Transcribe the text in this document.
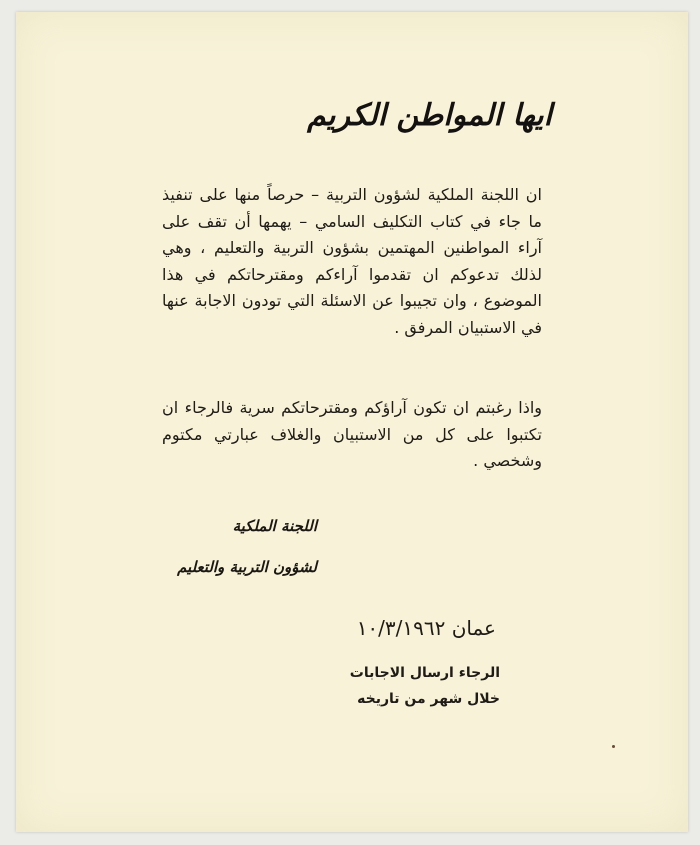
ايها المواطن الكريم
ان اللجنة الملكية لشؤون التربية – حرصاً منها على تنفيذ ما جاء في كتاب التكليف السامي – يهمها أن تقف على آراء المواطنين المهتمين بشؤون التربية والتعليم ، وهي لذلك تدعوكم ان تقدموا آراءكم ومقترحاتكم في هذا الموضوع ، وان تجيبوا عن الاسئلة التي تودون الاجابة عنها في الاستبيان المرفق .
واذا رغبتم ان تكون آراؤكم ومقترحاتكم سرية فالرجاء ان تكتبوا على كل من الاستبيان والغلاف عبارتي مكتوم وشخصي .
اللجنة الملكية
لشؤون التربية والتعليم
عمان ١٠/٣/١٩٦٢
الرجاء ارسال الاجابات
خلال شهر من تاريخه
